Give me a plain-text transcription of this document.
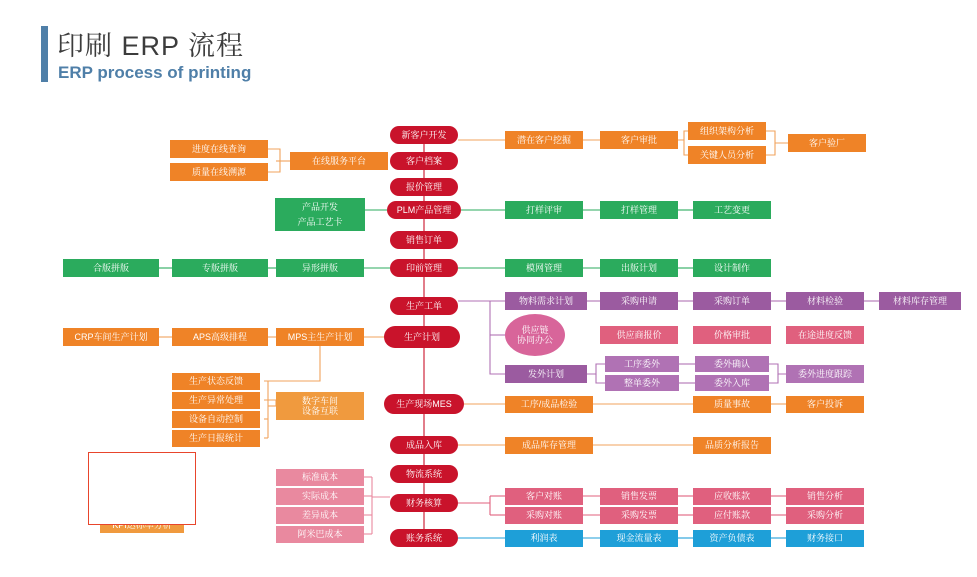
印刷 ERP 流程
ERP process of printing
进度在线查询
质量在线溯源
在线服务平台
新客户开发
客户档案
报价管理
潜在客户挖掘	客户审批
组织架构分析
关键人员分析
客户验厂
产品开发
产品工艺卡
PLM产品管理	打样评审	打样管理	工艺变更
销售订单
合版拼版	专版拼版	异形拼版	印前管理	模网管理	出版计划	设计制作
生产工单	物料需求计划	采购申请	采购订单	材料检验	材料库存管理
CRP车间生产计划	APS高级排程	MPS主生产计划	生产计划
供应链
协同办公
供应商报价	价格审批	在途进度反馈
工序委外
整单委外
委外确认
委外入库
委外进度跟踪
发外计划
生产状态反馈
生产异常处理
设备自动控制
生产日报统计
数字车间
设备互联
生产现场MES	工序/成品检验	质量事故	客户投诉
成品入库	成品库存管理	品质分析报告
物流系统
标准成本
实际成本
差异成本
阿米巴成本
财务核算
客户对账
采购对账
销售发票
采购发票
应收账款
应付账款
销售分析
采购分析
账务系统	利润表	现金流量表	资产负债表	财务接口
